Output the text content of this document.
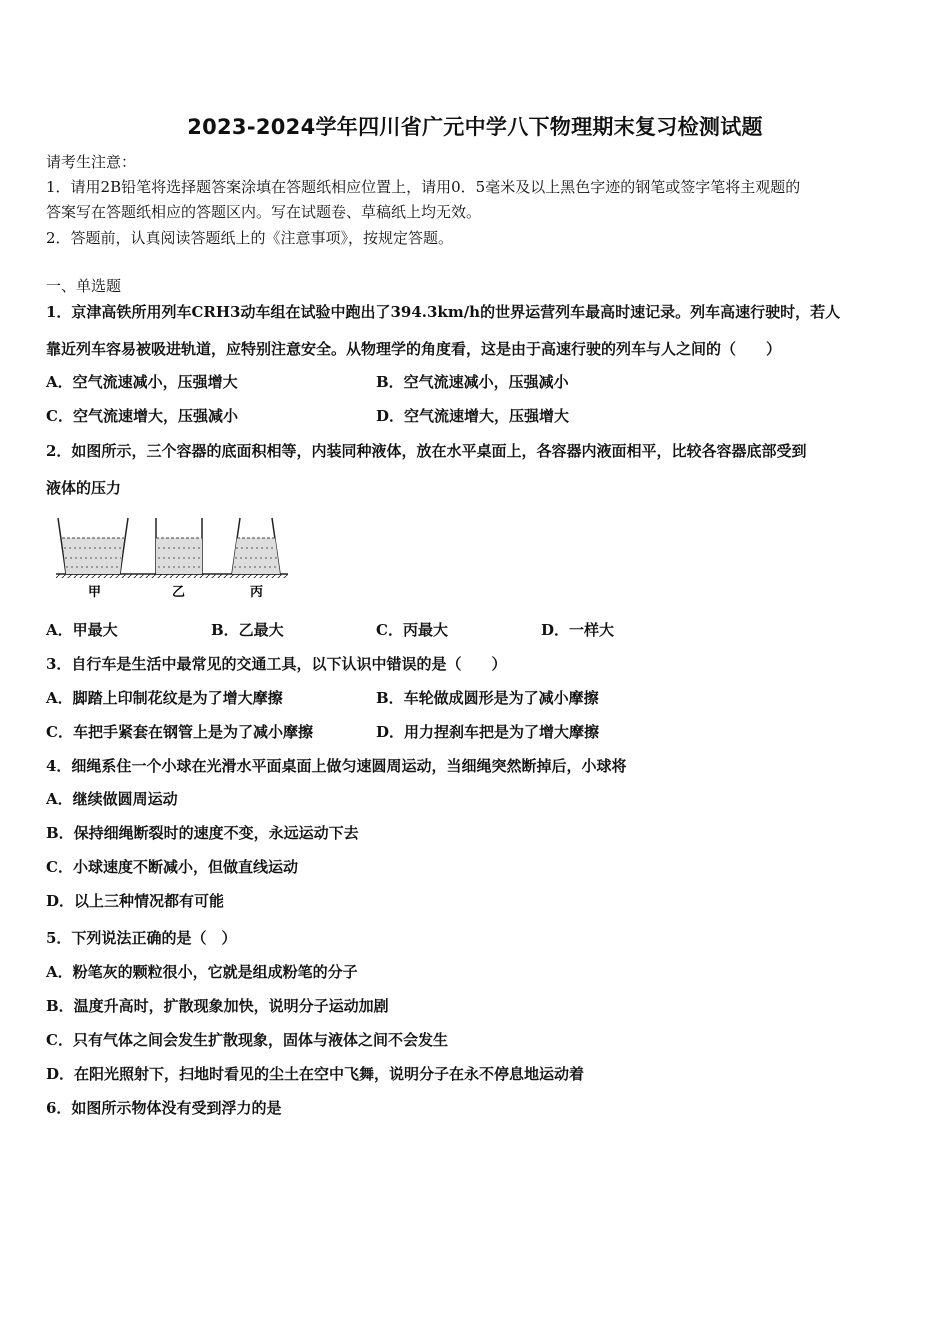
2023-2024学年四川省广元中学八下物理期末复习检测试题
请考生注意：
1．请用2B铅笔将选择题答案涂填在答题纸相应位置上，请用0．5毫米及以上黑色字迹的钢笔或签字笔将主观题的
答案写在答题纸相应的答题区内。写在试题卷、草稿纸上均无效。
2．答题前，认真阅读答题纸上的《注意事项》，按规定答题。
一、单选题
1．京津高铁所用列车CRH3动车组在试验中跑出了394.3km/h的世界运营列车最高时速记录。列车高速行驶时，若人
靠近列车容易被吸进轨道，应特别注意安全。从物理学的角度看，这是由于高速行驶的列车与人之间的（　　）
A．空气流速减小，压强增大	B．空气流速减小，压强减小
C．空气流速增大，压强减小	D．空气流速增大，压强增大
2．如图所示，三个容器的底面积相等，内装同种液体，放在水平桌面上，各容器内液面相平，比较各容器底部受到
液体的压力
甲	乙	丙
A．甲最大	B．乙最大	C．丙最大	D．一样大
3．自行车是生活中最常见的交通工具，以下认识中错误的是（　　）
A．脚踏上印制花纹是为了增大摩擦	B．车轮做成圆形是为了减小摩擦
C．车把手紧套在钢管上是为了减小摩擦	D．用力捏刹车把是为了增大摩擦
4．细绳系住一个小球在光滑水平面桌面上做匀速圆周运动，当细绳突然断掉后，小球将
A．继续做圆周运动
B．保持细绳断裂时的速度不变，永远运动下去
C．小球速度不断减小，但做直线运动
D．以上三种情况都有可能
5．下列说法正确的是（　）
A．粉笔灰的颗粒很小，它就是组成粉笔的分子
B．温度升高时，扩散现象加快，说明分子运动加剧
C．只有气体之间会发生扩散现象，固体与液体之间不会发生
D．在阳光照射下，扫地时看见的尘土在空中飞舞，说明分子在永不停息地运动着
6．如图所示物体没有受到浮力的是
